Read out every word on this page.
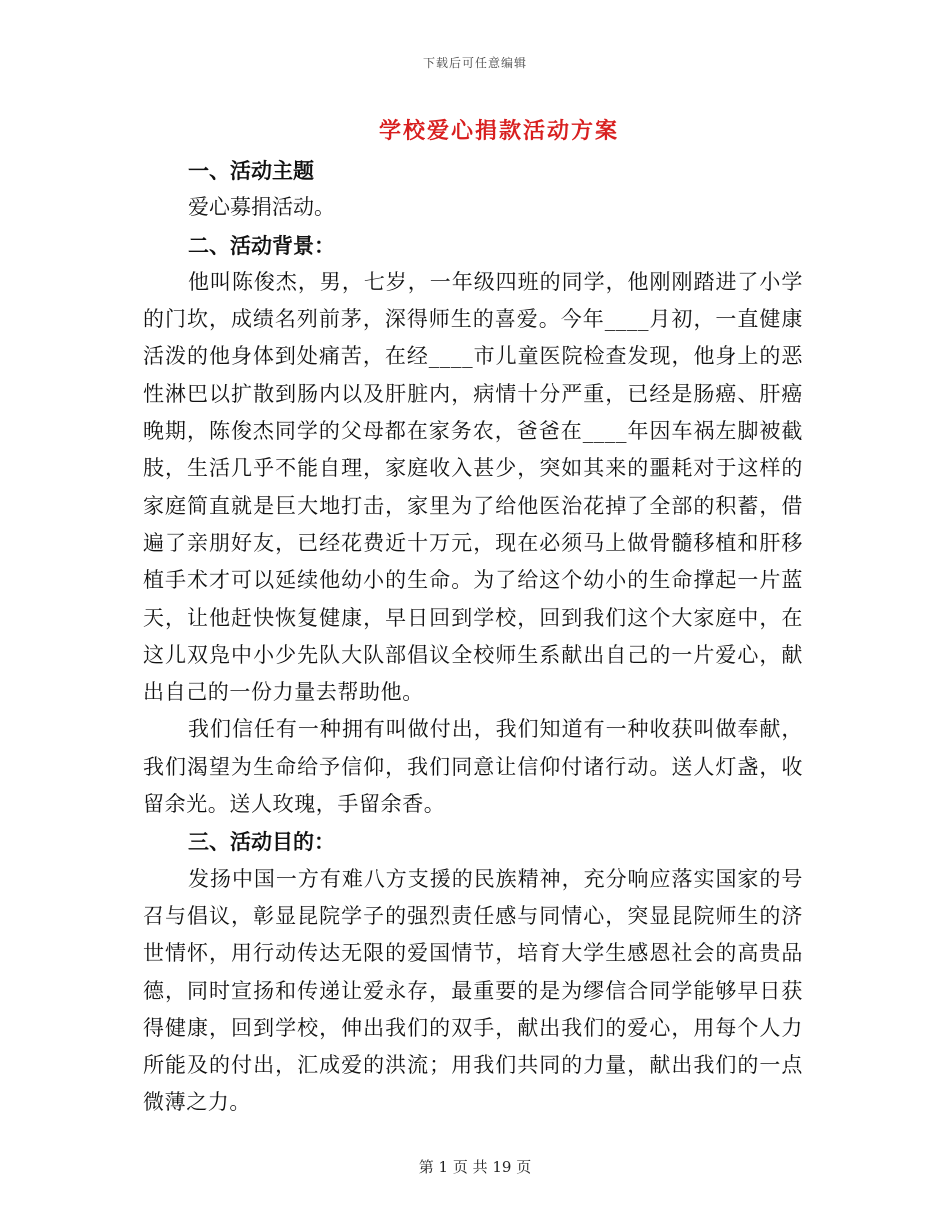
下载后可任意编辑
学校爱心捐款活动方案

一、活动主题

爱心募捐活动。

二、活动背景：

他叫陈俊杰，男，七岁，一年级四班的同学，他刚刚踏进了小学的门坎，成绩名列前茅，深得师生的喜爱。今年____月初，一直健康活泼的他身体到处痛苦，在经____市儿童医院检查发现，他身上的恶性淋巴以扩散到肠内以及肝脏内，病情十分严重，已经是肠癌、肝癌晚期，陈俊杰同学的父母都在家务农，爸爸在____年因车祸左脚被截肢，生活几乎不能自理，家庭收入甚少，突如其来的噩耗对于这样的家庭简直就是巨大地打击，家里为了给他医治花掉了全部的积蓄，借遍了亲朋好友，已经花费近十万元，现在必须马上做骨髓移植和肝移植手术才可以延续他幼小的生命。为了给这个幼小的生命撑起一片蓝天，让他赶快恢复健康，早日回到学校，回到我们这个大家庭中，在这儿双凫中小少先队大队部倡议全校师生系献出自己的一片爱心，献出自己的一份力量去帮助他。

我们信任有一种拥有叫做付出，我们知道有一种收获叫做奉献，我们渴望为生命给予信仰，我们同意让信仰付诸行动。送人灯盏，收留余光。送人玫瑰，手留余香。

三、活动目的：

发扬中国一方有难八方支援的民族精神，充分响应落实国家的号召与倡议，彰显昆院学子的强烈责任感与同情心，突显昆院师生的济世情怀，用行动传达无限的爱国情节，培育大学生感恩社会的高贵品德，同时宣扬和传递让爱永存，最重要的是为缪信合同学能够早日获得健康，回到学校，伸出我们的双手，献出我们的爱心，用每个人力所能及的付出，汇成爱的洪流；用我们共同的力量，献出我们的一点微薄之力。

第 1 页 共 19 页
